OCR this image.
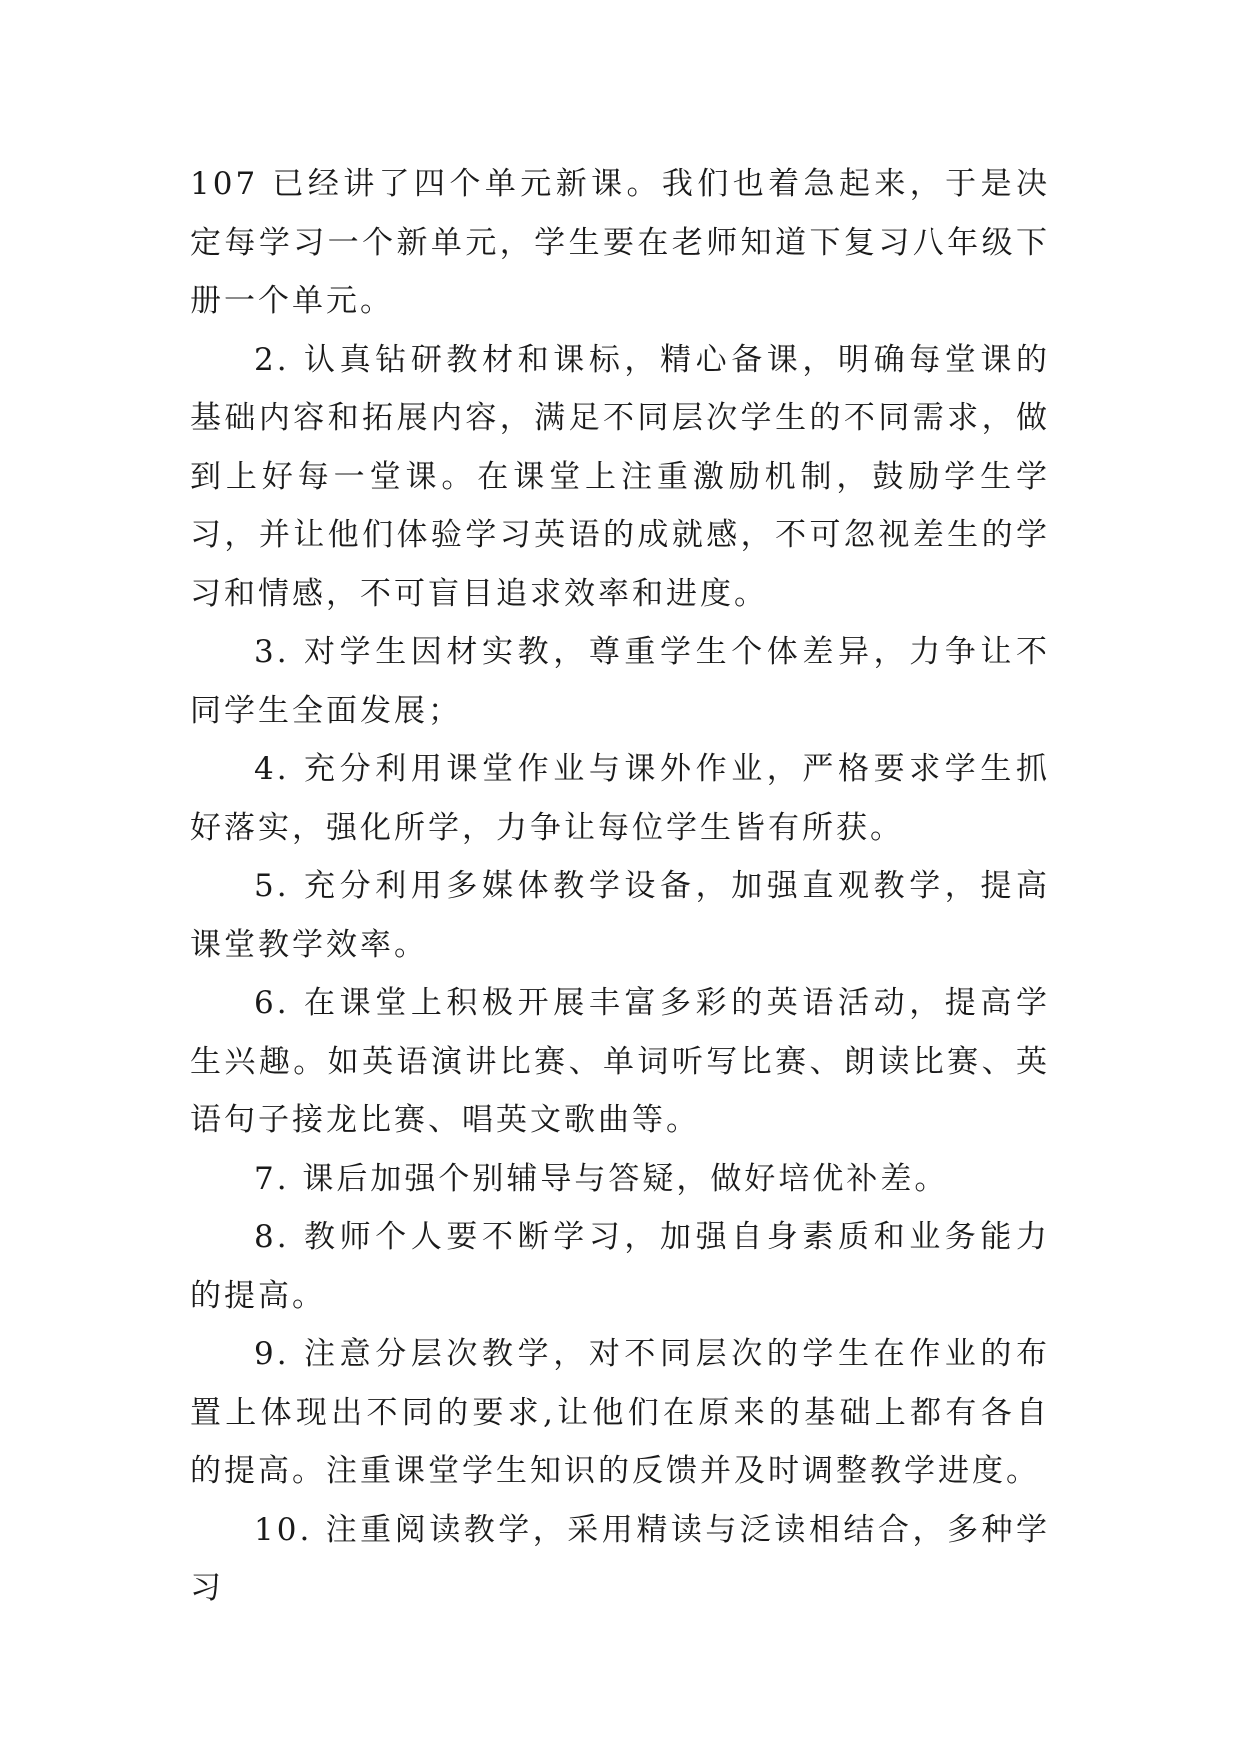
107 已经讲了四个单元新课。我们也着急起来，于是决定每学习一个新单元，学生要在老师知道下复习八年级下册一个单元。

2. 认真钻研教材和课标，精心备课，明确每堂课的基础内容和拓展内容，满足不同层次学生的不同需求，做到上好每一堂课。在课堂上注重激励机制，鼓励学生学习，并让他们体验学习英语的成就感，不可忽视差生的学习和情感，不可盲目追求效率和进度。

3. 对学生因材实教，尊重学生个体差异，力争让不同学生全面发展；

4. 充分利用课堂作业与课外作业，严格要求学生抓好落实，强化所学，力争让每位学生皆有所获。

5. 充分利用多媒体教学设备，加强直观教学，提高课堂教学效率。

6. 在课堂上积极开展丰富多彩的英语活动，提高学生兴趣。如英语演讲比赛、单词听写比赛、朗读比赛、英语句子接龙比赛、唱英文歌曲等。

7. 课后加强个别辅导与答疑，做好培优补差。

8. 教师个人要不断学习，加强自身素质和业务能力的提高。

9. 注意分层次教学，对不同层次的学生在作业的布置上体现出不同的要求,让他们在原来的基础上都有各自的提高。注重课堂学生知识的反馈并及时调整教学进度。

10. 注重阅读教学，采用精读与泛读相结合，多种学习
